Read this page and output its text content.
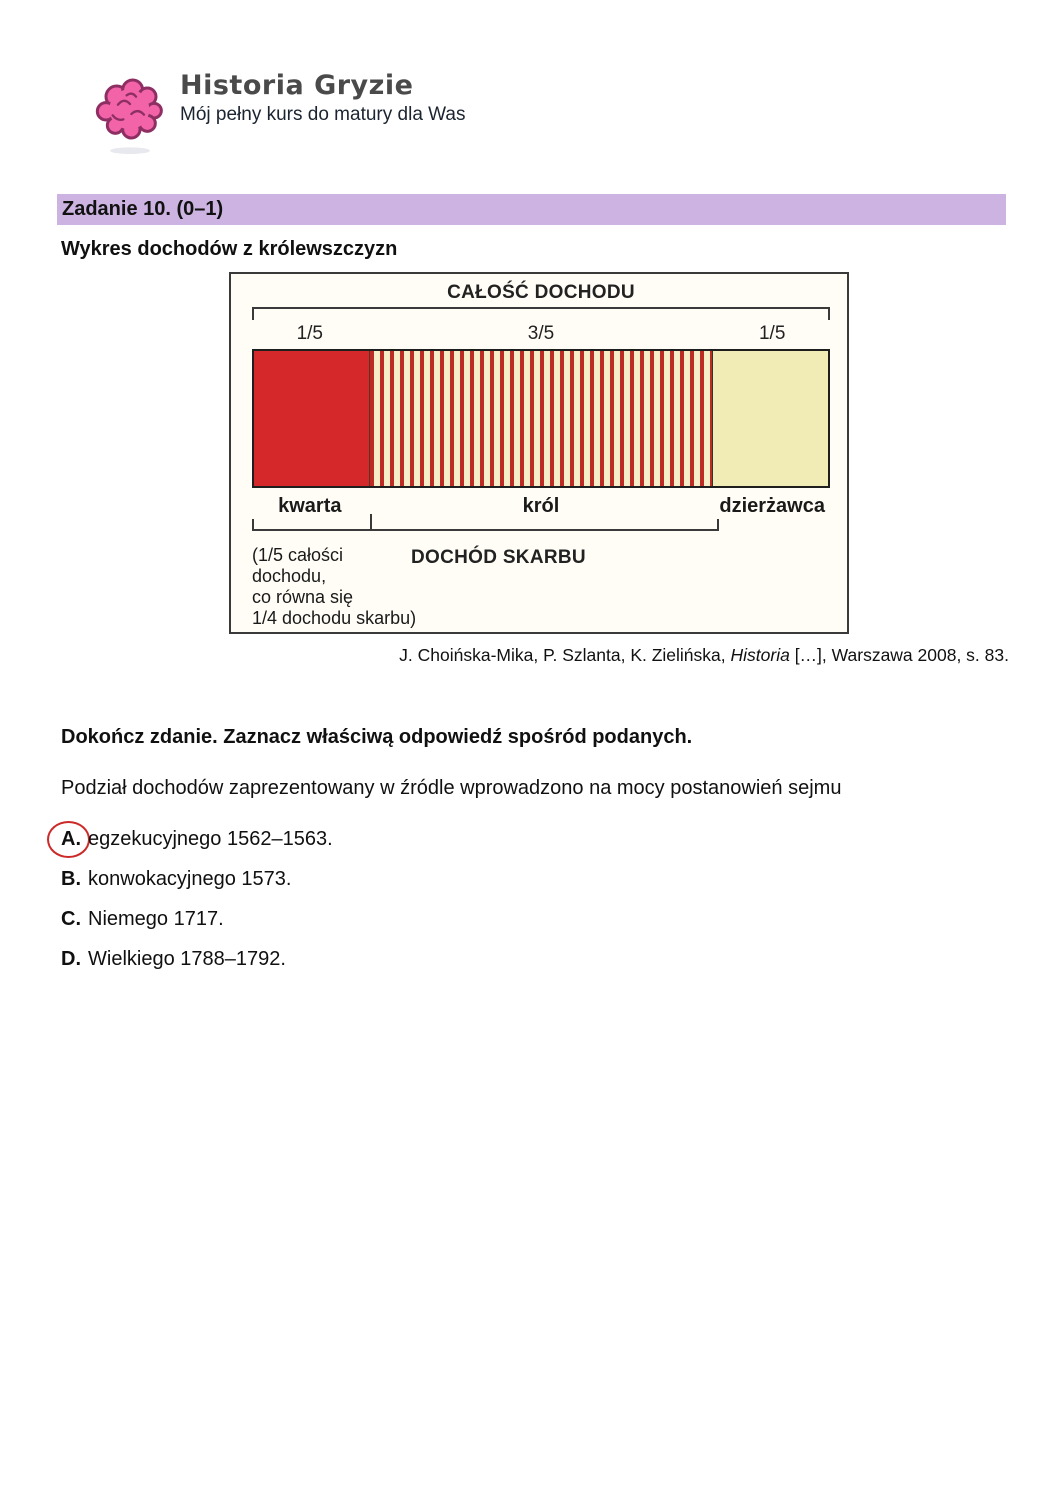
Historia Gryzie
Mój pełny kurs do matury dla Was
Zadanie 10. (0–1)
Wykres dochodów z królewszczyzn
CAŁOŚĆ DOCHODU
1/5	3/5	1/5
kwarta	król	dzierżawca
(1/5 całości
dochodu,
co równa się
1/4 dochodu skarbu)
DOCHÓD SKARBU
J. Choińska-Mika, P. Szlanta, K. Zielińska, Historia […], Warszawa 2008, s. 83.
Dokończ zdanie. Zaznacz właściwą odpowiedź spośród podanych.
Podział dochodów zaprezentowany w źródle wprowadzono na mocy postanowień sejmu
A. egzekucyjnego 1562–1563.
B. konwokacyjnego 1573.
C. Niemego 1717.
D. Wielkiego 1788–1792.
